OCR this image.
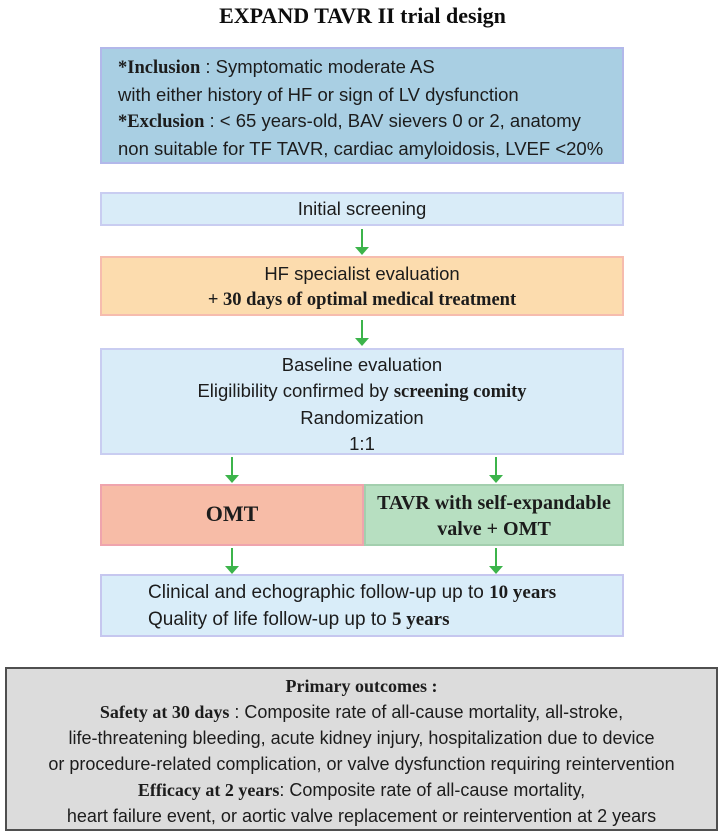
EXPAND TAVR II trial design
*Inclusion : Symptomatic moderate AS
with either history of HF or sign of LV dysfunction
*Exclusion : < 65 years-old, BAV sievers 0 or 2, anatomy
non suitable for TF TAVR, cardiac amyloidosis, LVEF <20%
Initial screening
HF specialist evaluation
+ 30 days of optimal medical treatment
Baseline evaluation
Eligilibility confirmed by screening comity
Randomization
1:1
OMT	TAVR with self-expandable
valve + OMT
Clinical and echographic follow-up up to 10 years
Quality of life follow-up up to 5 years
Primary outcomes :
Safety at 30 days : Composite rate of all-cause mortality, all-stroke,
life-threatening bleeding, acute kidney injury, hospitalization due to device
or procedure-related complication, or valve dysfunction requiring reintervention
Efficacy at 2 years: Composite rate of all-cause mortality,
heart failure event, or aortic valve replacement or reintervention at 2 years
